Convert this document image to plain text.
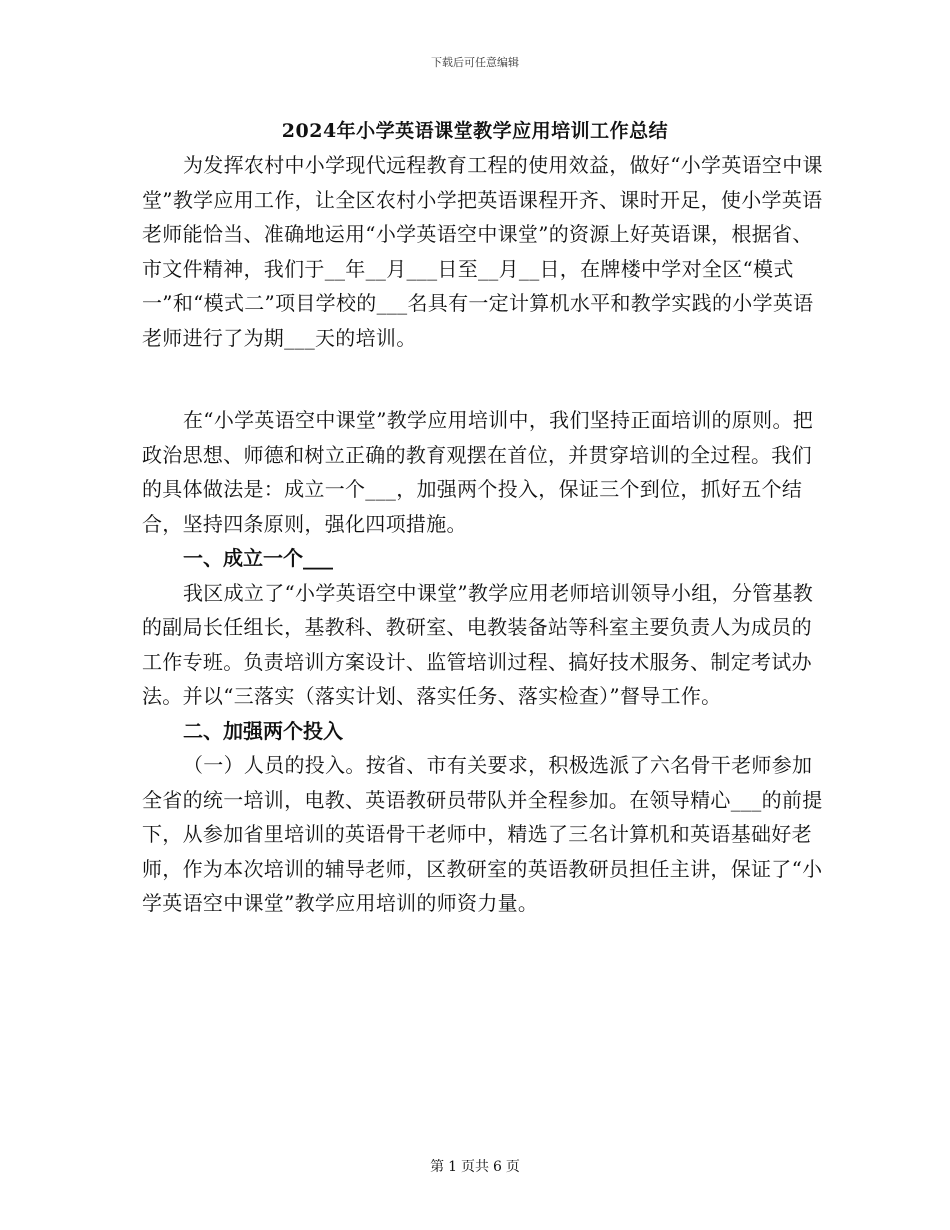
下载后可任意编辑
2024年小学英语课堂教学应用培训工作总结

为发挥农村中小学现代远程教育工程的使用效益，做好“小学英语空中课堂”教学应用工作，让全区农村小学把英语课程开齐、课时开足，使小学英语老师能恰当、准确地运用“小学英语空中课堂”的资源上好英语课，根据省、市文件精神，我们于__年__月___日至__月__日，在牌楼中学对全区“模式一”和“模式二”项目学校的___名具有一定计算机水平和教学实践的小学英语老师进行了为期___天的培训。

在“小学英语空中课堂”教学应用培训中，我们坚持正面培训的原则。把政治思想、师德和树立正确的教育观摆在首位，并贯穿培训的全过程。我们的具体做法是：成立一个___，加强两个投入，保证三个到位，抓好五个结合，坚持四条原则，强化四项措施。

一、成立一个___

我区成立了“小学英语空中课堂”教学应用老师培训领导小组，分管基教的副局长任组长，基教科、教研室、电教装备站等科室主要负责人为成员的工作专班。负责培训方案设计、监管培训过程、搞好技术服务、制定考试办法。并以“三落实（落实计划、落实任务、落实检查）”督导工作。

二、加强两个投入

（一）人员的投入。按省、市有关要求，积极选派了六名骨干老师参加全省的统一培训，电教、英语教研员带队并全程参加。在领导精心___的前提下，从参加省里培训的英语骨干老师中，精选了三名计算机和英语基础好老师，作为本次培训的辅导老师，区教研室的英语教研员担任主讲，保证了“小学英语空中课堂”教学应用培训的师资力量。

第 1 页共 6 页
